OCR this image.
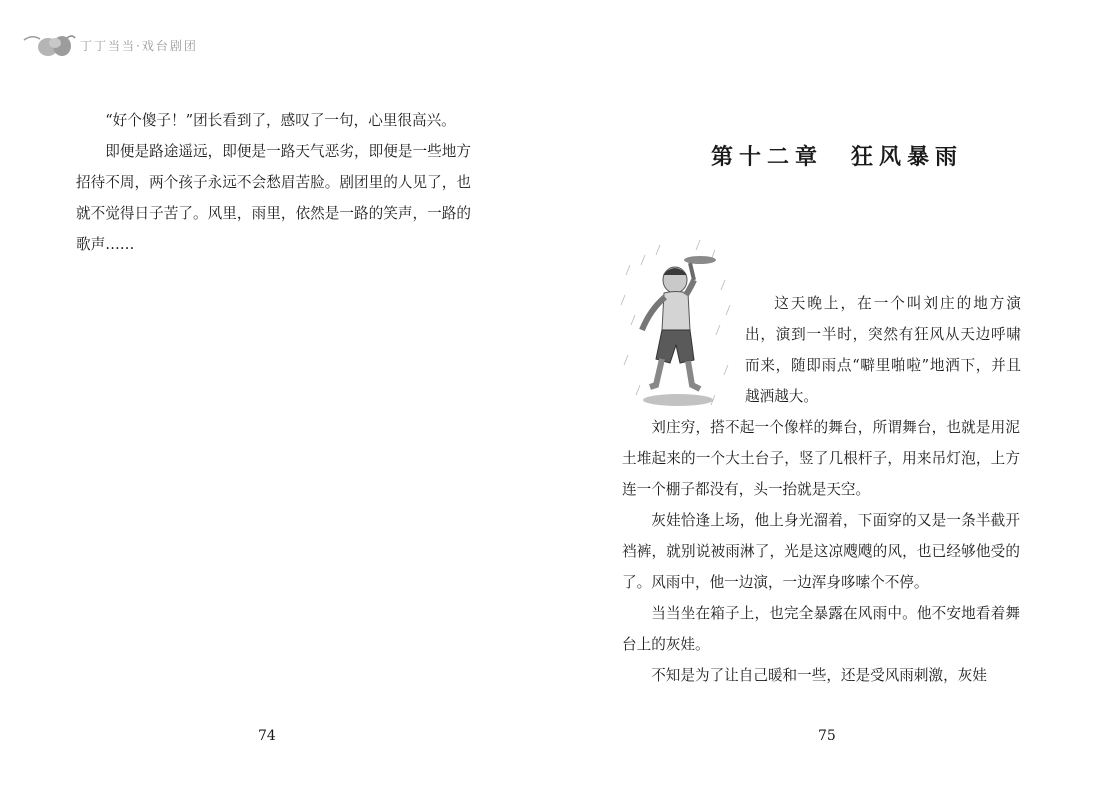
丁丁当当·戏台剧团

“好个傻子！”团长看到了，感叹了一句，心里很高兴。

即便是路途遥远，即便是一路天气恶劣，即便是一些地方招待不周，两个孩子永远不会愁眉苦脸。剧团里的人见了，也就不觉得日子苦了。风里，雨里，依然是一路的笑声，一路的歌声……

74
第十二章　狂风暴雨

这天晚上，在一个叫刘庄的地方演出，演到一半时，突然有狂风从天边呼啸而来，随即雨点“噼里啪啦”地洒下，并且越洒越大。

刘庄穷，搭不起一个像样的舞台，所谓舞台，也就是用泥土堆起来的一个大土台子，竖了几根杆子，用来吊灯泡，上方连一个棚子都没有，头一抬就是天空。

灰娃恰逢上场，他上身光溜着，下面穿的又是一条半截开裆裤，就别说被雨淋了，光是这凉飕飕的风，也已经够他受的了。风雨中，他一边演，一边浑身哆嗦个不停。

当当坐在箱子上，也完全暴露在风雨中。他不安地看着舞台上的灰娃。

不知是为了让自己暖和一些，还是受风雨刺激，灰娃

75
